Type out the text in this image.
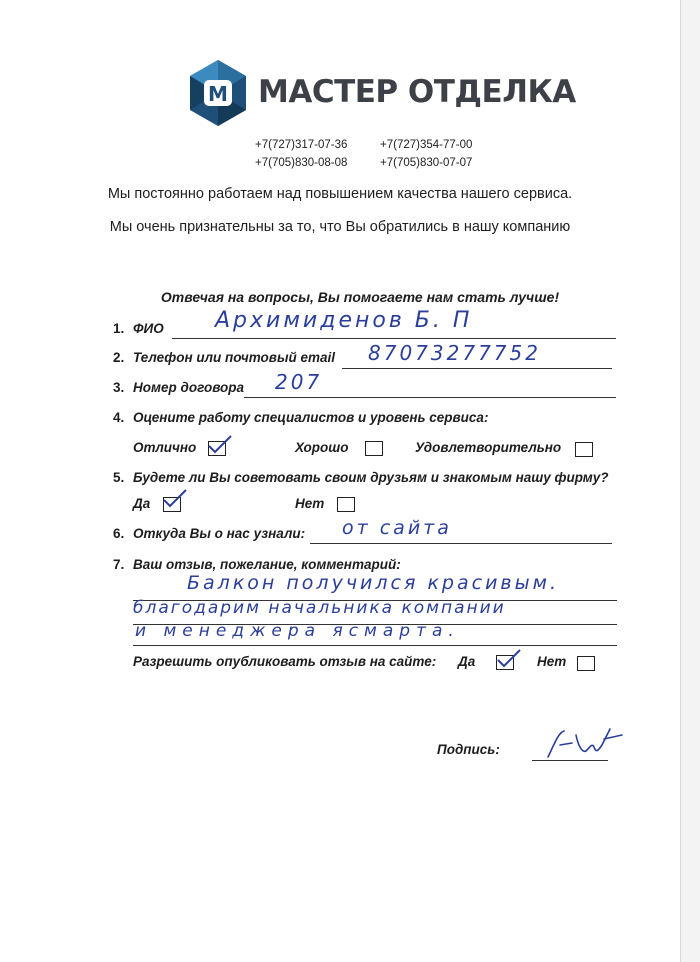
M МАСТЕР ОТДЕЛКА
+7(727)317-07-36	+7(727)354-77-00
+7(705)830-08-08	+7(705)830-07-07
Мы постоянно работаем над повышением качества нашего сервиса.
Мы очень признательны за то, что Вы обратились в нашу компанию
Отвечая на вопросы, Вы помогаете нам стать лучше!
1. ФИО Архимиденов Б. П
2. Телефон или почтовый email 87073277752
3. Номер договора 207
4. Оцените работу специалистов и уровень сервиса:
Отлично	Хорошо	Удовлетворительно
5. Будете ли Вы советовать своим друзьям и знакомым нашу фирму?
Да	Нет
6. Откуда Вы о нас узнали: от сайта
7. Ваш отзыв, пожелание, комментарий:
Балкон получился красивым.
благодарим начальника компании
и менеджера ясмарта.
Разрешить опубликовать отзыв на сайте: Да	Нет
Подпись:
